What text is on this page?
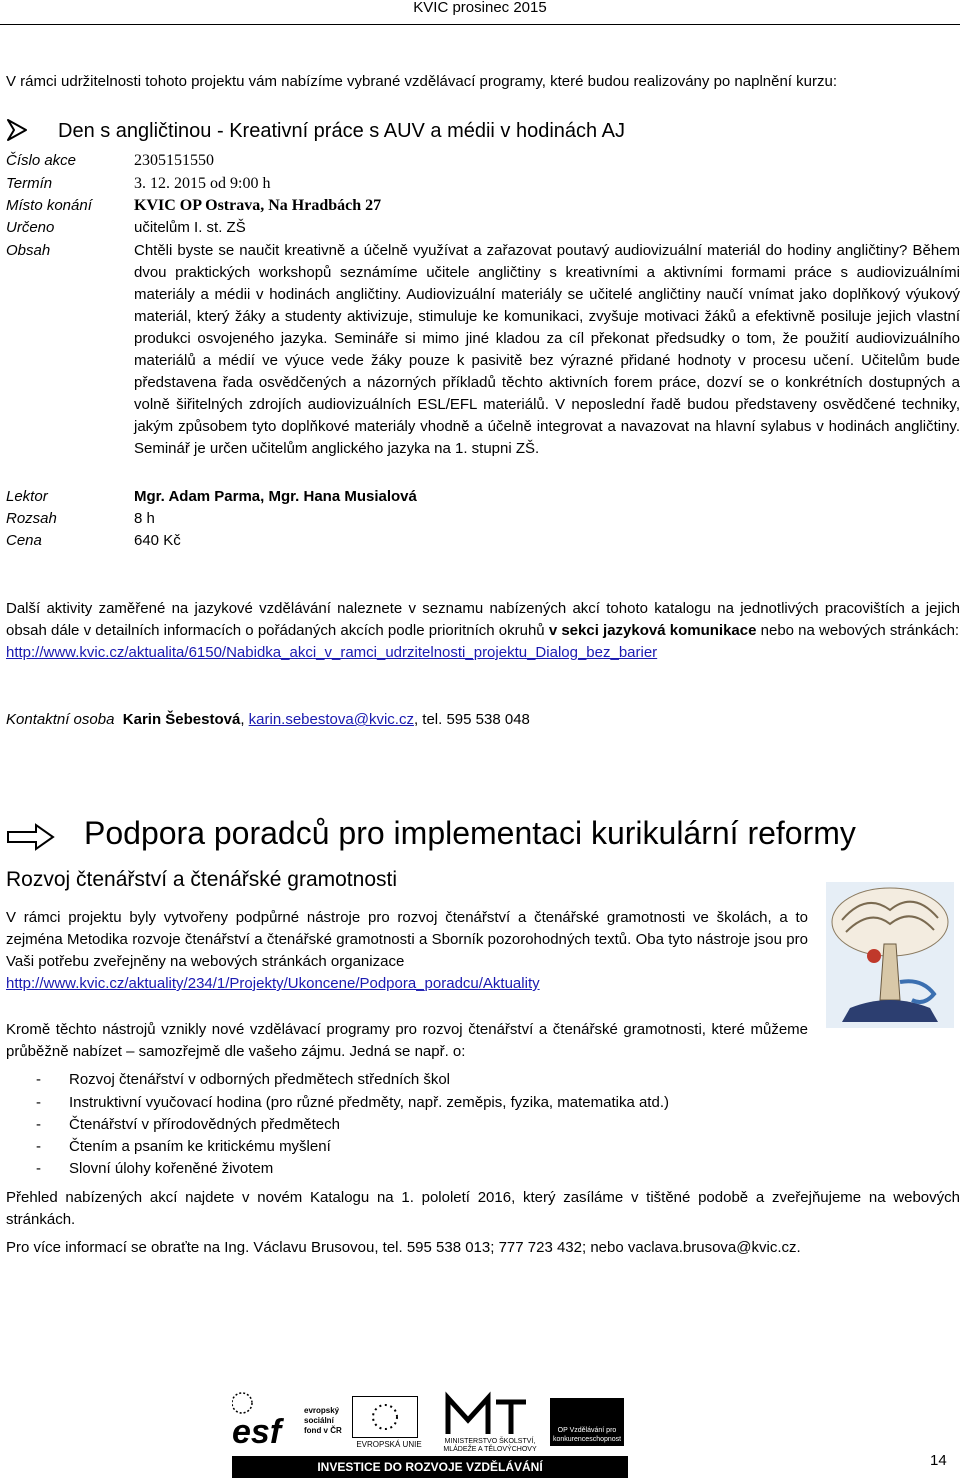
KVIC prosinec 2015
V rámci udržitelnosti tohoto projektu vám nabízíme vybrané vzdělávací programy, které budou realizovány po naplnění kurzu:
Den s angličtinou - Kreativní práce s AUV a médii v hodinách AJ
Číslo akce	2305151550
Termín	3. 12. 2015 od 9:00 h
Místo konání	KVIC OP Ostrava, Na Hradbách 27
Určeno	učitelům I. st. ZŠ
Obsah	Chtěli byste se naučit kreativně a účelně využívat a zařazovat poutavý audiovizuální materiál do hodiny angličtiny? Během dvou praktických workshopů seznámíme učitele angličtiny s kreativními a aktivními formami práce s audiovizuálními materiály a médii v hodinách angličtiny. Audiovizuální materiály se učitelé angličtiny naučí vnímat jako doplňkový výukový materiál, který žáky a studenty aktivizuje, stimuluje ke komunikaci, zvyšuje motivaci žáků a efektivně posiluje jejich vlastní produkci osvojeného jazyka. Semináře si mimo jiné kladou za cíl překonat předsudky o tom, že použití audiovizuálního materiálů a médií ve výuce vede žáky pouze k pasivitě bez výrazné přidané hodnoty v procesu učení. Učitelům bude představena řada osvědčených a názorných příkladů těchto aktivních forem práce, dozví se o konkrétních dostupných a volně šiřitelných zdrojích audiovizuálních ESL/EFL materiálů. V neposlední řadě budou představeny osvědčené techniky, jakým způsobem tyto doplňkové materiály vhodně a účelně integrovat a navazovat na hlavní sylabus v hodinách angličtiny. Seminář je určen učitelům anglického jazyka na 1. stupni ZŠ.
Lektor	Mgr. Adam Parma, Mgr. Hana Musialová
Rozsah	8 h
Cena	640 Kč
Další aktivity zaměřené na jazykové vzdělávání naleznete v seznamu nabízených akcí tohoto katalogu na jednotlivých pracovištích a jejich obsah dále v detailních informacích o pořádaných akcích podle prioritních okruhů v sekci jazyková komunikace nebo na webových stránkách:
http://www.kvic.cz/aktualita/6150/Nabidka_akci_v_ramci_udrzitelnosti_projektu_Dialog_bez_barier
Kontaktní osoba Karin Šebestová, karin.sebestova@kvic.cz, tel. 595 538 048
Podpora poradců pro implementaci kurikulární reformy
Rozvoj čtenářství a čtenářské gramotnosti
V rámci projektu byly vytvořeny podpůrné nástroje pro rozvoj čtenářství a čtenářské gramotnosti ve školách, a to zejména Metodika rozvoje čtenářství a čtenářské gramotnosti a Sborník pozorohodných textů. Oba tyto nástroje jsou pro Vaši potřebu zveřejněny na webových stránkách organizace
http://www.kvic.cz/aktuality/234/1/Projekty/Ukoncene/Podpora_poradcu/Aktuality
Kromě těchto nástrojů vznikly nové vzdělávací programy pro rozvoj čtenářství a čtenářské gramotnosti, které můžeme průběžně nabízet – samozřejmě dle vašeho zájmu. Jedná se např. o:
- Rozvoj čtenářství v odborných předmětech středních škol
- Instruktivní vyučovací hodina (pro různé předměty, např. zeměpis, fyzika, matematika atd.)
- Čtenářství v přírodovědných předmětech
- Čtením a psaním ke kritickému myšlení
- Slovní úlohy kořeněné životem
Přehled nabízených akcí najdete v novém Katalogu na 1. pololetí 2016, který zasíláme v tištěné podobě a zveřejňujeme na webových stránkách.
Pro více informací se obraťte na Ing. Václavu Brusovou, tel. 595 538 013; 777 723 432; nebo vaclava.brusova@kvic.cz.
esf
evropský sociální fond v ČR
EVROPSKÁ UNIE	MINISTERSTVO ŠKOLSTVÍ, MLÁDEŽE A TĚLOVÝCHOVY
OP Vzdělávání pro konkurenceschopnost
INVESTICE DO ROZVOJE VZDĚLÁVÁNÍ	14
